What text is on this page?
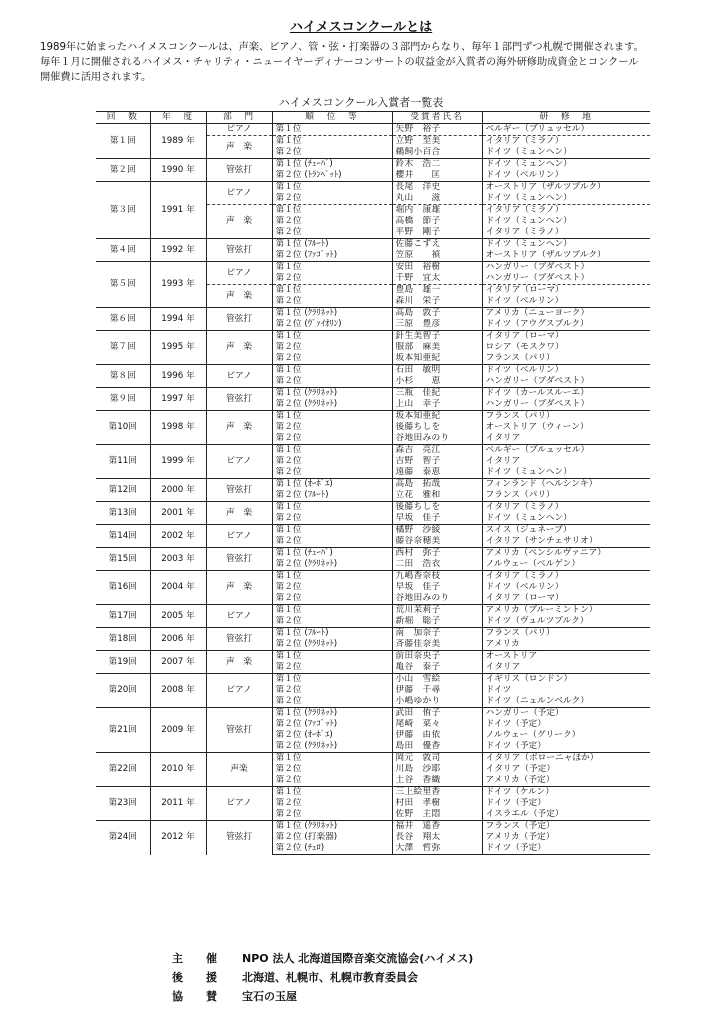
ハイメスコンクールとは
1989年に始まったハイメスコンクールは、声楽、ピアノ、管・弦・打楽器の３部門からなり、毎年１部門ずつ札幌で開催されます。
毎年１月に開催されるハイメス・チャリティ・ニューイヤーディナーコンサートの収益金が入賞者の海外研修助成資金とコンクール
開催費に活用されます。
ハイメスコンクール入賞者一覧表
回　数	年　度	部　門	順　位　等	受賞者氏名	研　修　地
第１回	1989 年	ピアノ	第１位	矢野　裕子	ベルギー（ブリュッセル）
		声　楽	第１位	立野　至美	イタリア（ミラノ）
			第２位	鵜飼小百合	ドイツ（ミュンヘン）
第２回	1990 年	管弦打	第１位 (ﾁｭｰﾊﾞ)	鈴木　浩二	ドイツ（ミュンヘン）
			第２位 (ﾄﾗﾝﾍﾟｯﾄ)	櫻井　　匡	ドイツ（ベルリン）
第３回	1991 年	ピアノ	第１位	長尾　洋史	オーストリア（ザルツブルク）
			第２位	丸山　　滋	ドイツ（ミュンヘン）
		声　楽	第１位	堀内　康雄	イタリア（ミラノ）
			第２位	高橋　節子	ドイツ（ミュンヘン）
			第２位	平野　剛子	イタリア（ミラノ）
第４回	1992 年	管弦打	第１位 (ﾌﾙｰﾄ)	佐藤こずえ	ドイツ（ミュンヘン）
			第２位 (ﾌｧｺﾞｯﾄ)	笠原　　禎	オーストリア（ザルツブルク）
第５回	1993 年	ピアノ	第１位	安田　裕樹	ハンガリー（ブダペスト）
			第２位	千野　宜太	ハンガリー（ブダペスト）
		声　楽	第１位	豊島　雄一	イタリア（ローマ）
			第２位	森川　栄子	ドイツ（ベルリン）
第６回	1994 年	管弦打	第１位 (ｸﾗﾘﾈｯﾄ)	高島　敦子	アメリカ（ニューヨーク）
			第２位 (ｳﾞｧｲｵﾘﾝ)	三原　豊彦	ドイツ（アウグスブルク）
第７回	1995 年	声　楽	第１位	針生美智子	イタリア（ローマ）
			第２位	服部　麻美	ロシア（モスクワ）
			第２位	坂本知亜紀	フランス（パリ）
第８回	1996 年	ピアノ	第１位	石田　敏明	ドイツ（ベルリン）
			第２位	小杉　　恵	ハンガリー（ブダペスト）
第９回	1997 年	管弦打	第１位 (ｸﾗﾘﾈｯﾄ)	三瓶　佳紀	ドイツ（カールスルーエ）
			第２位 (ｸﾗﾘﾈｯﾄ)	上山　幸子	ハンガリー（ブダペスト）
第10回	1998 年	声　楽	第１位	坂本知亜紀	フランス（パリ）
			第２位	後藤ちしを	オーストリア（ウィーン）
			第２位	谷地田みのり	イタリア
第11回	1999 年	ピアノ	第１位	森吉　亮江	ベルギー（ブルュッセル）
			第２位	吉野　智子	イタリア
			第２位	遠藤　泰恵	ドイツ（ミュンヘン）
第12回	2000 年	管弦打	第１位 (ｵｰﾎﾞｴ)	高島　拓哉	フィンランド（ヘルシンキ）
			第２位 (ﾌﾙｰﾄ)	立花　雅和	フランス（パリ）
第13回	2001 年	声　楽	第１位	後藤ちしを	イタリア（ミラノ）
			第２位	早坂　佳子	ドイツ（ミュンヘン）
第14回	2002 年	ピアノ	第１位	橘野　沙綾	スイス（ジュネーブ）
			第２位	藤谷奈穂美	イタリア（サンチェサリオ）
第15回	2003 年	管弦打	第１位 (ﾁｭｰﾊﾞ)	西村　弥子	アメリカ（ペンシルヴァニア）
			第２位 (ｸﾗﾘﾈｯﾄ)	二田　浩衣	ノルウェー（ベルゲン）
第16回	2004 年	声　楽	第１位	九嶋香奈枝	イタリア（ミラノ）
			第２位	早坂　佳子	ドイツ（ベルリン）
			第２位	谷地田みのり	イタリア（ローマ）
第17回	2005 年	ピアノ	第１位	荒川茉莉子	アメリカ（ブルーミントン）
			第２位	新堀　聡子	ドイツ（ヴュルツブルク）
第18回	2006 年	管弦打	第１位 (ﾌﾙｰﾄ)	南　加奈子	フランス（パリ）
			第２位 (ｸﾗﾘﾈｯﾄ)	斉藤佳奈美	アメリカ
第19回	2007 年	声　楽	第１位	前田奈央子	オーストリア
			第２位	亀谷　泰子	イタリア
第20回	2008 年	ピアノ	第１位	小山　雪絵	イギリス（ロンドン）
			第２位	伊藤　千尋	ドイツ
			第２位	小嶋ゆかり	ドイツ（ニュルンベルク）
第21回	2009 年	管弦打	第１位 (ｸﾗﾘﾈｯﾄ)	武田　侑子	ハンガリー（予定）
			第２位 (ﾌｧｺﾞｯﾄ)	尾崎　菜々	ドイツ（予定）
			第２位 (ｵｰﾎﾞｴ)	伊藤　由依	ノルウェー（グリーク）
			第２位 (ｸﾗﾘﾈｯﾄ)	島田　優香	ドイツ（予定）
第22回	2010 年	声楽	第１位	岡元　敦司	イタリア（ボローニャほか）
			第２位	川島　沙耶	イタリア（予定）
			第２位	土谷　香織	アメリカ（予定）
第23回	2011 年	ピアノ	第１位	三上絵里香	ドイツ（ケルン）
			第２位	村田　孝樹	ドイツ（予定）
			第２位	佐野　主悶	イスラエル（予定）
第24回	2012 年	管弦打	第１位 (ｸﾗﾘﾈｯﾄ)	福井　遥香	フランス（予定）
			第２位 (打楽器)	長谷　翔太	アメリカ（予定）
			第２位 (ﾁｪﾛ)	大澤　哲弥	ドイツ（予定）
主　催	NPO 法人 北海道国際音楽交流協会(ハイメス)
後　援	北海道、札幌市、札幌市教育委員会
協　賛	宝石の玉屋
